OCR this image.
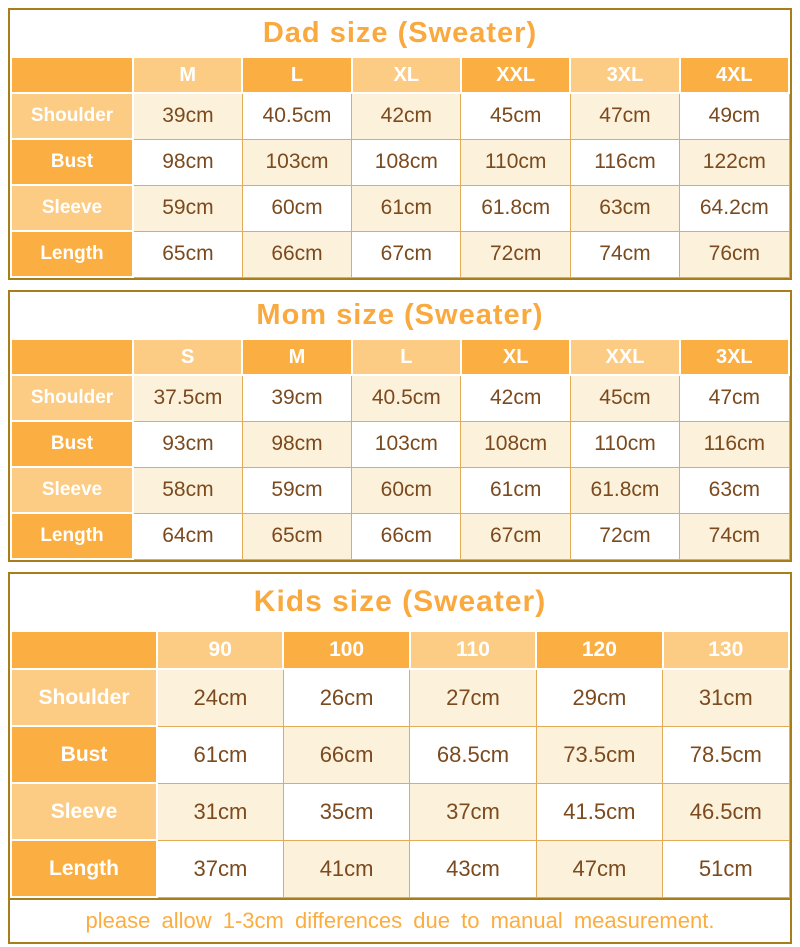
Dad size (Sweater)
	M	L	XL	XXL	3XL	4XL
Shoulder	39cm	40.5cm	42cm	45cm	47cm	49cm
Bust	98cm	103cm	108cm	110cm	116cm	122cm
Sleeve	59cm	60cm	61cm	61.8cm	63cm	64.2cm
Length	65cm	66cm	67cm	72cm	74cm	76cm
Mom size (Sweater)
	S	M	L	XL	XXL	3XL
Shoulder	37.5cm	39cm	40.5cm	42cm	45cm	47cm
Bust	93cm	98cm	103cm	108cm	110cm	116cm
Sleeve	58cm	59cm	60cm	61cm	61.8cm	63cm
Length	64cm	65cm	66cm	67cm	72cm	74cm
Kids size (Sweater)
	90	100	110	120	130
Shoulder	24cm	26cm	27cm	29cm	31cm
Bust	61cm	66cm	68.5cm	73.5cm	78.5cm
Sleeve	31cm	35cm	37cm	41.5cm	46.5cm
Length	37cm	41cm	43cm	47cm	51cm
please allow 1-3cm differences due to manual measurement.
